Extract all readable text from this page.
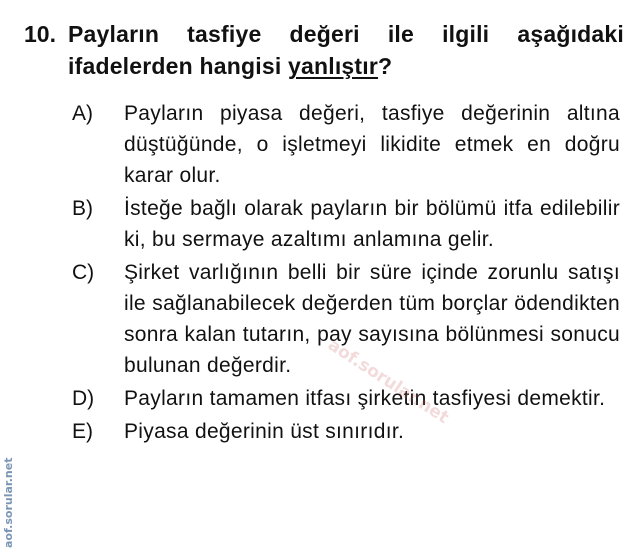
10. Payların tasfiye değeri ile ilgili aşağıdaki ifadelerden hangisi yanlıştır?
A)	Payların piyasa değeri, tasfiye değerinin altına düştüğünde, o işletmeyi likidite etmek en doğru karar olur.
B)	İsteğe bağlı olarak payların bir bölümü itfa edilebilir ki, bu sermaye azaltımı anlamına gelir.
C)	Şirket varlığının belli bir süre içinde zorunlu satışı ile sağlanabilecek değerden tüm borçlar ödendikten sonra kalan tutarın, pay sayısına bölünmesi sonucu bulunan değerdir.
D)	Payların tamamen itfası şirketin tasfiyesi demektir.
E)	Piyasa değerinin üst sınırıdır.
aof.sorular.net
aof.sorular.net
